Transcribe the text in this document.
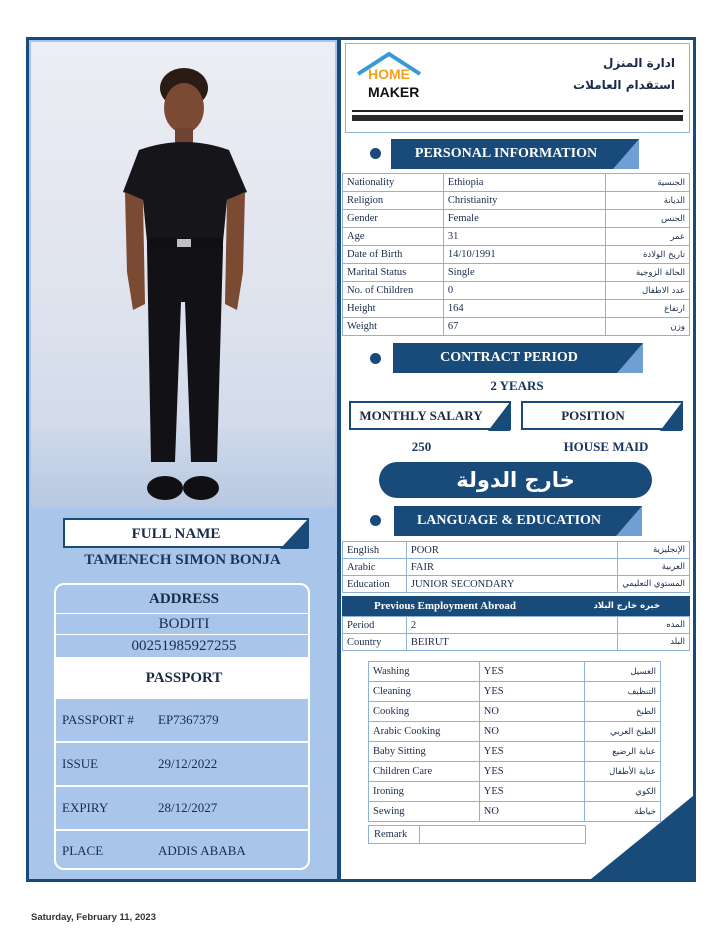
FULL NAME
TAMENECH SIMON BONJA
ADDRESS
BODITI
00251985927255
PASSPORT
PASSPORT # EP7367379
ISSUE	29/12/2022
EXPIRY	28/12/2027
PLACE	ADDIS ABABA
HOME
MAKER
ادارة المنزل
استقدام العاملات
PERSONAL INFORMATION
Nationality	Ethiopia	الجنسية
Religion	Christianity	الديانة
Gender	Female	الجنس
Age	31	عمر
Date of Birth	14/10/1991	تاريخ الولادة
Marital Status	Single	الحالة الزوجية
No. of Children	0	عدد الاطفال
Height	164	ارتفاع
Weight	67	وزن
CONTRACT PERIOD
2 YEARS
MONTHLY SALARY	POSITION
250	HOUSE MAID
خارج الدولة
LANGUAGE & EDUCATION
English	POOR	الإنجليزية
Arabic	FAIR	العربية
Education	JUNIOR SECONDARY	المستوي التعليمي
Previous Employment Abroad	خبره خارج البلاد
Period	2	المده
Country	BEIRUT	البلد
Washing	YES	الغسيل
Cleaning	YES	التنظيف
Cooking	NO	الطبخ
Arabic Cooking	NO	الطبخ العربي
Baby Sitting	YES	عناية الرضيع
Children Care	YES	عناية الأطفال
Ironing	YES	الكوي
Sewing	NO	خياطة
Remark
Saturday, February 11, 2023
